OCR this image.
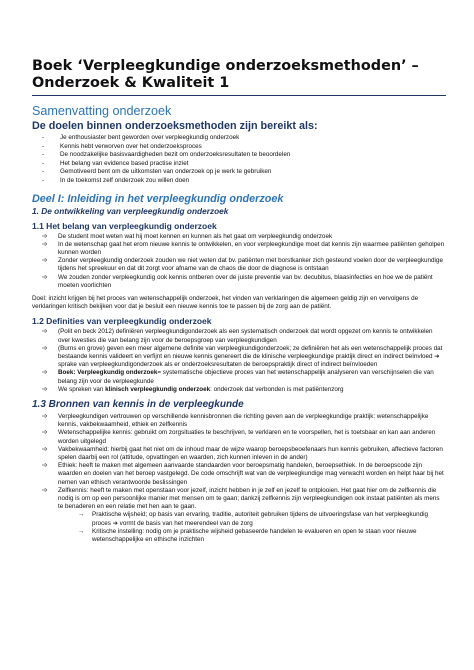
Boek ‘Verpleegkundige onderzoeksmethoden’ – Onderzoek & Kwaliteit 1
Samenvatting onderzoek
De doelen binnen onderzoeksmethoden zijn bereikt als:
- Je enthousiaster bent geworden over verpleegkundig onderzoek
- Kennis hebt verworven over het onderzoeksproces
- De noodzakelijke basisvaardigheden bezit om onderzoeksresultaten te beoordelen
- Het belang van evidence based practise inziet
- Gemotiveerd bent om de uitkomsten van onderzoek op je werk te gebruiken
- In de toekomst zelf onderzoek zou willen doen
Deel I: Inleiding in het verpleegkundig onderzoek
1. De ontwikkeling van verpleegkundig onderzoek
1.1 Het belang van verpleegkundig onderzoek
➩ De student moet weten wat hij moet kennen en kunnen als het gaat om verpleegkundig onderzoek
➩ In de wetenschap gaat het erom nieuwe kennis te ontwikkelen, en voor verpleegkundige moet dat kennis zijn waarmee patiënten geholpen kunnen worden
➩ Zonder verpleegkundig onderzoek zouden we niet weten dat bv. patiënten met borstkanker zich gesteund voelen door de verpleegkundige tijdens het spreekuur en dat dit zorgt voor afname van de chaos die door de diagnose is ontstaan
➩ We zouden zonder verpleegkundig ook kennis ontberen over de juiste preventie van bv. decubitus, blaasinfecties en hoe we de patiënt moeten voorlichten

Doel: inzicht krijgen bij het proces van wetenschappelijk onderzoek, het vinden van verklaringen die algemeen geldig zijn en vervolgens de verklaringen kritisch bekijken voor dat je besluit een nieuwe kennis toe te passen bij de zorg aan de patiënt.

1.2 Definities van verpleegkundig onderzoek
➩ (Polit en beck 2012) definiëren verpleegkundigonderzoek als een systematisch onderzoek dat wordt opgezet om kennis te ontwikkelen over kwesties die van belang zijn voor de beroepsgroep van verpleegkundigen
➩ (Burns en grove) geven een meer algemene definite van verpleegkundigonderzoek; ze definiëren het als een wetenschappelijk proces dat bestaande kennis valideert en verfijnt en nieuwe kennis genereert die de klinische verpleegkundige praktijk direct en indirect beïnvloed ➔ sprake van verpleegkundigonderzoek als er onderzoeksresultaten de beroepspraktijk direct of indirect beïnvloeden
➩ Boek: Verpleegkundig onderzoek= systematische objectieve proces van het wetenschappelijk analyseren van verschijnselen die van belang zijn voor de verpleegkunde
➩ We spreken van klinisch verpleegkundig onderzoek: onderzoek dat verbonden is met patiëntenzorg
1.3 Bronnen van kennis in de verpleegkunde
➩ Verpleegkundigen vertrouwen op verschillende kennisbronnen die richting geven aan de verpleegkundige praktijk: wetenschappelijke kennis, vakbekwaamheid, ethiek en zelfkennis
➩ Wetenschappelijke kennis: gebruikt om zorgsituaties te beschrijven, te verklaren en te voorspellen, het is toetsbaar en kan aan anderen worden uitgelegd
➩ Vakbekwaamheid: hierbij gaat het niet om de inhoud maar de wijze waarop beroepsbeoefenaars hun kennis gebruiken, affectieve factoren spelen daarbij een rol (attitude, opvattingen en waarden, zich kunnen inleven in de ander)
➩ Ethiek: heeft te maken met algemeen aanvaarde standaarden voor beroepsmatig handelen, beroepsethiek. In de beroepscode zijn waarden en doelen van het beroep vastgelegd. De code omschrijft wat van de verpleegkundige mag verwacht worden en helpt haar bij het nemen van ethisch verantwoorde beslissingen
➩ Zelfkennis: heeft te maken met openstaan voor jezelf, inzicht hebben in je zelf en jezelf te ontplooien. Het gaat hier om de zelfkennis die nodig is om op een persoonlijke manier met mensen om te gaan; dankzij zelfkennis zijn verpleegkundigen ook instaat patiënten als mens te benaderen en een relatie met hen aan te gaan.
→ Praktische wijsheid; op basis van ervaring, traditie, autoriteit gebruiken tijdens de uitvoeringsfase van het verpleegkundig proces ➔ vormt de basis van het meerendeel van de zorg
→ Kritische instelling: nodig om je praktische wijsheid gebaseerde handelen te evalueren en open te staan voor nieuwe wetenschappelijke en ethische inzichten
